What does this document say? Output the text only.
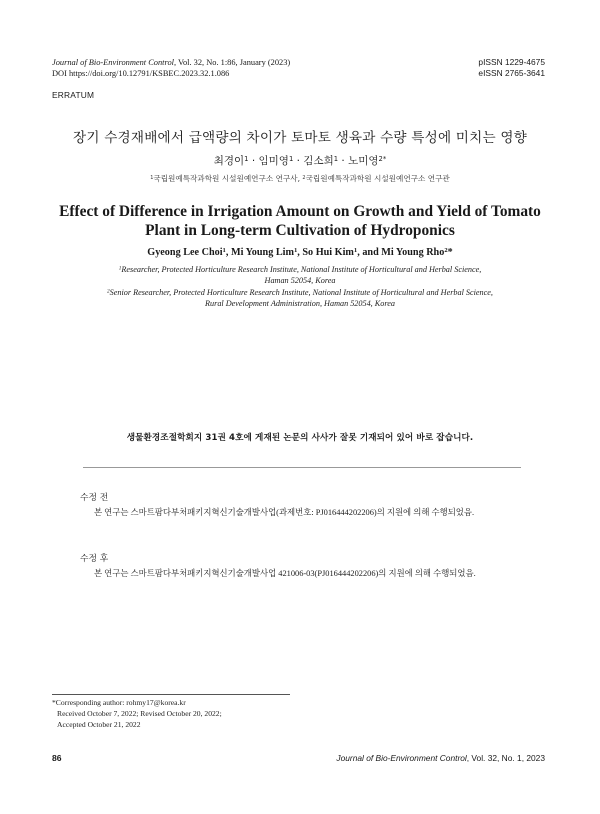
Journal of Bio-Environment Control, Vol. 32, No. 1:86, January (2023)
DOI https://doi.org/10.12791/KSBEC.2023.32.1.086
pISSN 1229-4675
eISSN 2765-3641
ERRATUM
장기 수경재배에서 급액량의 차이가 토마토 생육과 수량 특성에 미치는 영향
최경이$^1$ · 임미영$^1$ · 김소희$^1$ · 노미영$^{2*}$
$^1$국립원예특작과학원 시설원예연구소 연구사, $^2$국립원예특작과학원 시설원예연구소 연구관
Effect of Difference in Irrigation Amount on Growth and Yield of Tomato
Plant in Long-term Cultivation of Hydroponics
Gyeong Lee Choi$^1$, Mi Young Lim$^1$, So Hui Kim$^1$, and Mi Young Rho$^2$*
$^1$Researcher, Protected Horticulture Research Institute, National Institute of Horticultural and Herbal Science,
Haman 52054, Korea
$^2$Senior Researcher, Protected Horticulture Research Institute, National Institute of Horticultural and Herbal Science,
Rural Development Administration, Haman 52054, Korea
생물환경조절학회지 31권 4호에 게재된 논문의 사사가 잘못 기재되어 있어 바로 잡습니다.
수정 전
본 연구는 스마트팜다부처패키지혁신기술개발사업(과제번호: PJ016444202206)의 지원에 의해 수행되었음.
수정 후
본 연구는 스마트팜다부처패키지혁신기술개발사업 421006-03(PJ016444202206)의 지원에 의해 수행되었음.
*Corresponding author: rohmy17@korea.kr
Received October 7, 2022; Revised October 20, 2022;
Accepted October 21, 2022
86	Journal of Bio-Environment Control, Vol. 32, No. 1, 2023
